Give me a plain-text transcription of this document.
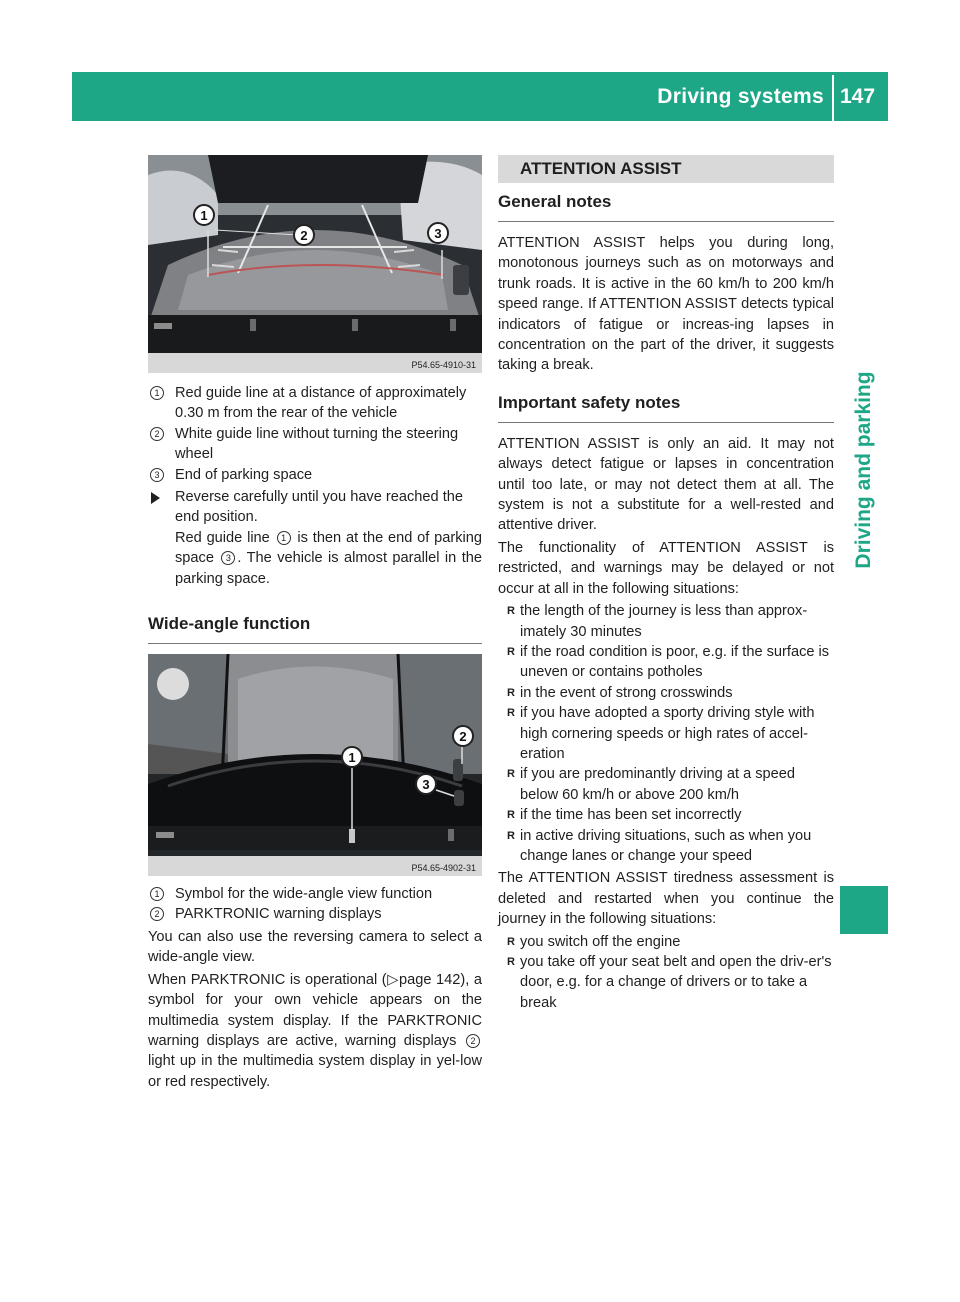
Driving systems 147
Driving and parking
1
2	3
P54.65-4910-31
1	Red guide line at a distance of approximately 0.30 m from the rear of the vehicle
2	White guide line without turning the steering wheel
3	End of parking space

Reverse carefully until you have reached the end position.

Red guide line 1 is then at the end of parking space 3 . The vehicle is almost parallel in the parking space.

Wide-angle function
1
2
3
P54.65-4902-31
1	Symbol for the wide-angle view function
2	PARKTRONIC warning displays

You can also use the reversing camera to select a wide-angle view.

When PARKTRONIC is operational (▷page 142), a symbol for your own vehicle appears on the multimedia system display. If the PARKTRONIC warning displays are active, warning displays 2 light up in the multimedia system display in yel-low or red respectively.

ATTENTION ASSIST
General notes

ATTENTION ASSIST helps you during long, monotonous journeys such as on motorways and trunk roads. It is active in the 60 km/h to 200 km/h speed range. If ATTENTION ASSIST detects typical indicators of fatigue or increas-ing lapses in concentration on the part of the driver, it suggests taking a break.

Important safety notes

ATTENTION ASSIST is only an aid. It may not always detect fatigue or lapses in concentration until too late, or may not detect them at all. The system is not a substitute for a well-rested and attentive driver.

The functionality of ATTENTION ASSIST is restricted, and warnings may be delayed or not occur at all in the following situations:

R the length of the journey is less than approx-imately 30 minutes
R if the road condition is poor, e.g. if the surface is uneven or contains potholes
R in the event of strong crosswinds
R if you have adopted a sporty driving style with high cornering speeds or high rates of accel-eration
R if you are predominantly driving at a speed below 60 km/h or above 200 km/h
R if the time has been set incorrectly
R in active driving situations, such as when you change lanes or change your speed

The ATTENTION ASSIST tiredness assessment is deleted and restarted when you continue the journey in the following situations:

R you switch off the engine
R you take off your seat belt and open the driv-er's door, e.g. for a change of drivers or to take a break
